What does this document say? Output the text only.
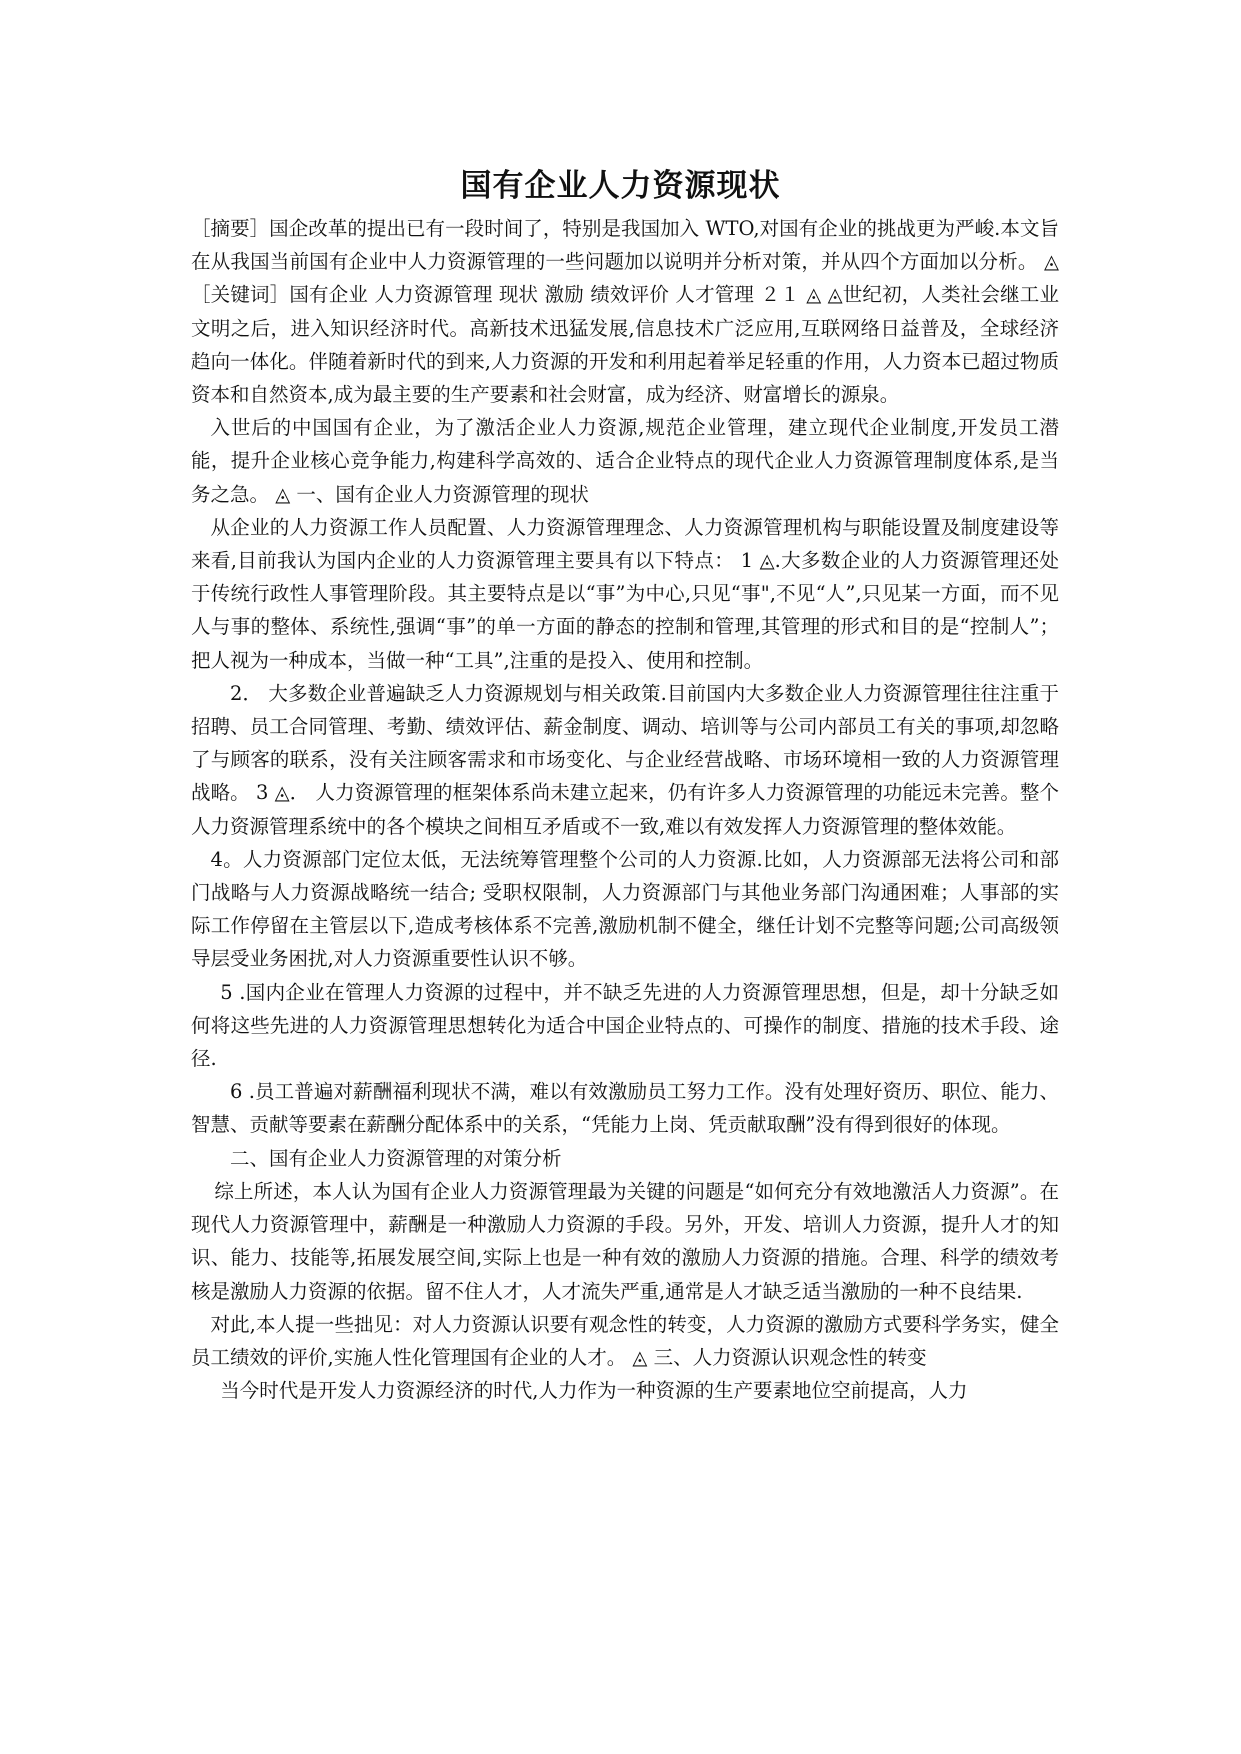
国有企业人力资源现状

［摘要］国企改革的提出已有一段时间了，特别是我国加入 WTO,对国有企业的挑战更为严峻.本文旨在从我国当前国有企业中人力资源管理的一些问题加以说明并分析对策，并从四个方面加以分析。 ◬ ［关键词］国有企业 人力资源管理 现状 激励 绩效评价 人才管理 ２１ ◬ ◬世纪初，人类社会继工业文明之后，进入知识经济时代。高新技术迅猛发展,信息技术广泛应用,互联网络日益普及，全球经济趋向一体化。伴随着新时代的到来,人力资源的开发和利用起着举足轻重的作用，人力资本已超过物质资本和自然资本,成为最主要的生产要素和社会财富，成为经济、财富增长的源泉。

入世后的中国国有企业，为了激活企业人力资源,规范企业管理，建立现代企业制度,开发员工潜能，提升企业核心竞争能力,构建科学高效的、适合企业特点的现代企业人力资源管理制度体系,是当务之急。 ◬ 一、国有企业人力资源管理的现状

从企业的人力资源工作人员配置、人力资源管理理念、人力资源管理机构与职能设置及制度建设等来看,目前我认为国内企业的人力资源管理主要具有以下特点： 1 ◬.大多数企业的人力资源管理还处于传统行政性人事管理阶段。其主要特点是以“事”为中心,只见“事",不见“人”,只见某一方面，而不见人与事的整体、系统性,强调“事”的单一方面的静态的控制和管理,其管理的形式和目的是“控制人”；把人视为一种成本，当做一种“工具”,注重的是投入、使用和控制。

2． 大多数企业普遍缺乏人力资源规划与相关政策.目前国内大多数企业人力资源管理往往注重于招聘、员工合同管理、考勤、绩效评估、薪金制度、调动、培训等与公司内部员工有关的事项,却忽略了与顾客的联系，没有关注顾客需求和市场变化、与企业经营战略、市场环境相一致的人力资源管理战略。 3 ◬． 人力资源管理的框架体系尚未建立起来，仍有许多人力资源管理的功能远未完善。整个人力资源管理系统中的各个模块之间相互矛盾或不一致,难以有效发挥人力资源管理的整体效能。

4。人力资源部门定位太低，无法统筹管理整个公司的人力资源.比如，人力资源部无法将公司和部门战略与人力资源战略统一结合; 受职权限制，人力资源部门与其他业务部门沟通困难；人事部的实际工作停留在主管层以下,造成考核体系不完善,激励机制不健全，继任计划不完整等问题;公司高级领导层受业务困扰,对人力资源重要性认识不够。

5 .国内企业在管理人力资源的过程中，并不缺乏先进的人力资源管理思想，但是，却十分缺乏如何将这些先进的人力资源管理思想转化为适合中国企业特点的、可操作的制度、措施的技术手段、途径.

6 .员工普遍对薪酬福利现状不满，难以有效激励员工努力工作。没有处理好资历、职位、能力、智慧、贡献等要素在薪酬分配体系中的关系，“凭能力上岗、凭贡献取酬”没有得到很好的体现。

二、国有企业人力资源管理的对策分析

综上所述，本人认为国有企业人力资源管理最为关键的问题是“如何充分有效地激活人力资源”。在现代人力资源管理中，薪酬是一种激励人力资源的手段。另外，开发、培训人力资源，提升人才的知识、能力、技能等,拓展发展空间,实际上也是一种有效的激励人力资源的措施。合理、科学的绩效考核是激励人力资源的依据。留不住人才，人才流失严重,通常是人才缺乏适当激励的一种不良结果.

对此,本人提一些拙见：对人力资源认识要有观念性的转变，人力资源的激励方式要科学务实，健全员工绩效的评价,实施人性化管理国有企业的人才。 ◬ 三、人力资源认识观念性的转变

当今时代是开发人力资源经济的时代,人力作为一种资源的生产要素地位空前提高，人力
